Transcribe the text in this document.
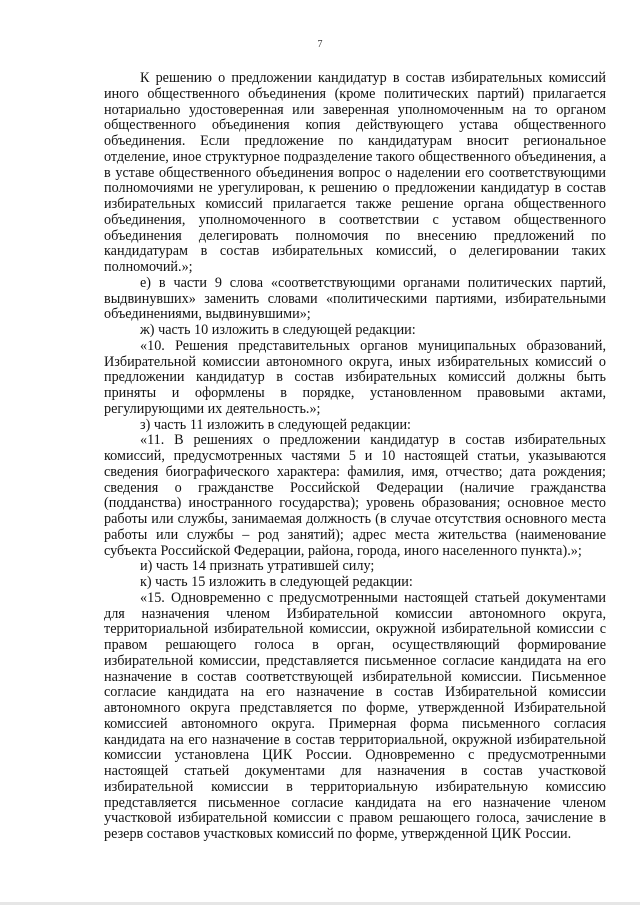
7

К решению о предложении кандидатур в состав избирательных комиссий иного общественного объединения (кроме политических партий) прилагается нотариально удостоверенная или заверенная уполномоченным на то органом общественного объединения копия действующего устава общественного объединения. Если предложение по кандидатурам вносит региональное отделение, иное структурное подразделение такого общественного объединения, а в уставе общественного объединения вопрос о наделении его соответствующими полномочиями не урегулирован, к решению о предложении кандидатур в состав избирательных комиссий прилагается также решение органа общественного объединения, уполномоченного в соответствии с уставом общественного объединения делегировать полномочия по внесению предложений по кандидатурам в состав избирательных комиссий, о делегировании таких полномочий.»;

е) в части 9 слова «соответствующими органами политических партий, выдвинувших» заменить словами «политическими партиями, избирательными объединениями, выдвинувшими»;

ж) часть 10 изложить в следующей редакции:

«10. Решения представительных органов муниципальных образований, Избирательной комиссии автономного округа, иных избирательных комиссий о предложении кандидатур в состав избирательных комиссий должны быть приняты и оформлены в порядке, установленном правовыми актами, регулирующими их деятельность.»;

з) часть 11 изложить в следующей редакции:

«11. В решениях о предложении кандидатур в состав избирательных комиссий, предусмотренных частями 5 и 10 настоящей статьи, указываются сведения биографического характера: фамилия, имя, отчество; дата рождения; сведения о гражданстве Российской Федерации (наличие гражданства (подданства) иностранного государства); уровень образования; основное место работы или службы, занимаемая должность (в случае отсутствия основного места работы или службы – род занятий); адрес места жительства (наименование субъекта Российской Федерации, района, города, иного населенного пункта).»;

и) часть 14 признать утратившей силу;

к) часть 15 изложить в следующей редакции:

«15. Одновременно с предусмотренными настоящей статьей документами для назначения членом Избирательной комиссии автономного округа, территориальной избирательной комиссии, окружной избирательной комиссии с правом решающего голоса в орган, осуществляющий формирование избирательной комиссии, представляется письменное согласие кандидата на его назначение в состав соответствующей избирательной комиссии. Письменное согласие кандидата на его назначение в состав Избирательной комиссии автономного округа представляется по форме, утвержденной Избирательной комиссией автономного округа. Примерная форма письменного согласия кандидата на его назначение в состав территориальной, окружной избирательной комиссии установлена ЦИК России. Одновременно с предусмотренными настоящей статьей документами для назначения в состав участковой избирательной комиссии в территориальную избирательную комиссию представляется письменное согласие кандидата на его назначение членом участковой избирательной комиссии с правом решающего голоса, зачисление в резерв составов участковых комиссий по форме, утвержденной ЦИК России.
